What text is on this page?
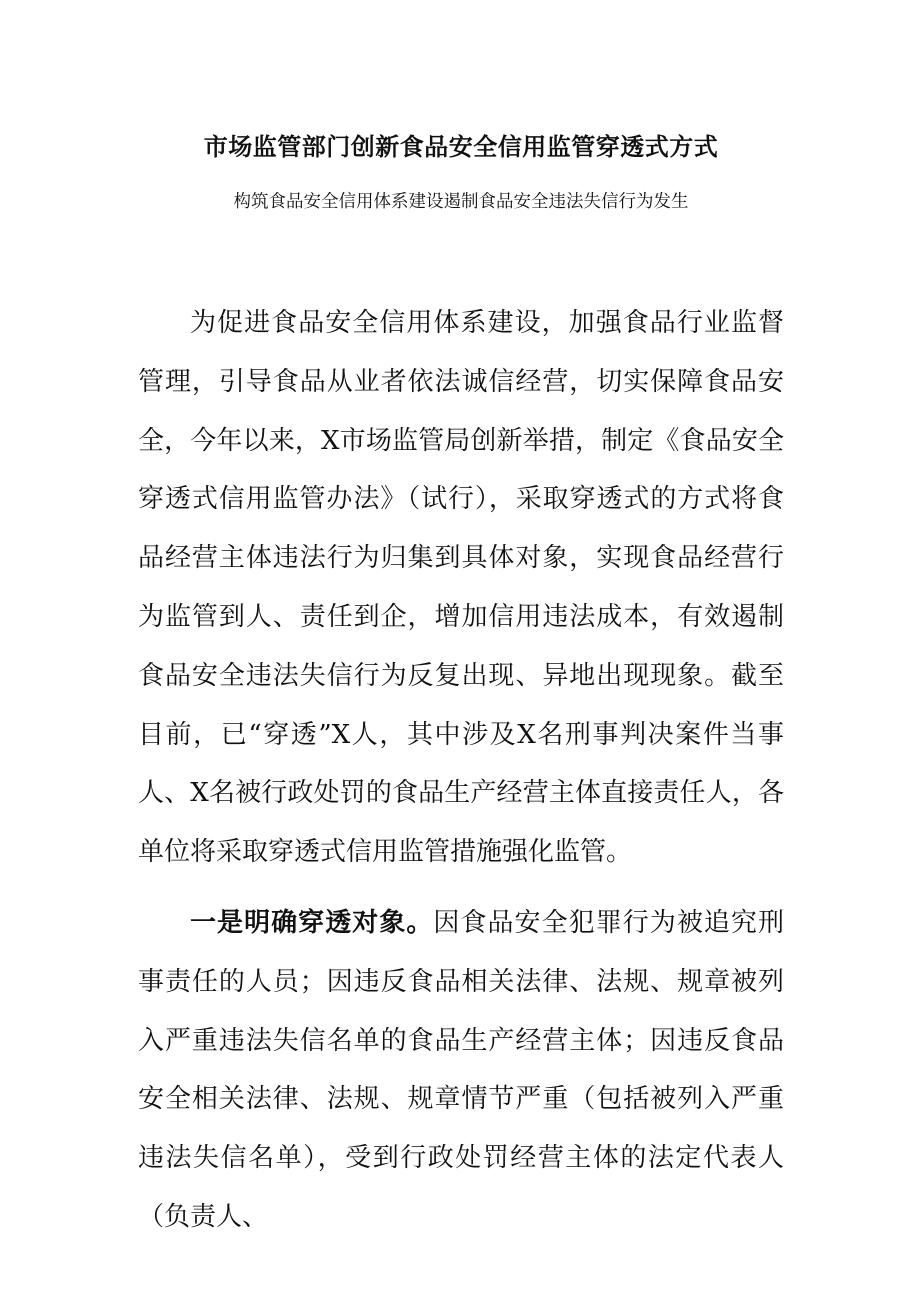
市场监管部门创新食品安全信用监管穿透式方式
构筑食品安全信用体系建设遏制食品安全违法失信行为发生

为促进食品安全信用体系建设，加强食品行业监督管理，引导食品从业者依法诚信经营，切实保障食品安全，今年以来，X市场监管局创新举措，制定《食品安全穿透式信用监管办法》（试行），采取穿透式的方式将食品经营主体违法行为归集到具体对象，实现食品经营行为监管到人、责任到企，增加信用违法成本，有效遏制食品安全违法失信行为反复出现、异地出现现象。截至目前，已“穿透”X人，其中涉及X名刑事判决案件当事人、X名被行政处罚的食品生产经营主体直接责任人，各单位将采取穿透式信用监管措施强化监管。

一是明确穿透对象。因食品安全犯罪行为被追究刑事责任的人员；因违反食品相关法律、法规、规章被列入严重违法失信名单的食品生产经营主体；因违反食品安全相关法律、法规、规章情节严重（包括被列入严重违法失信名单），受到行政处罚经营主体的法定代表人（负责人、
